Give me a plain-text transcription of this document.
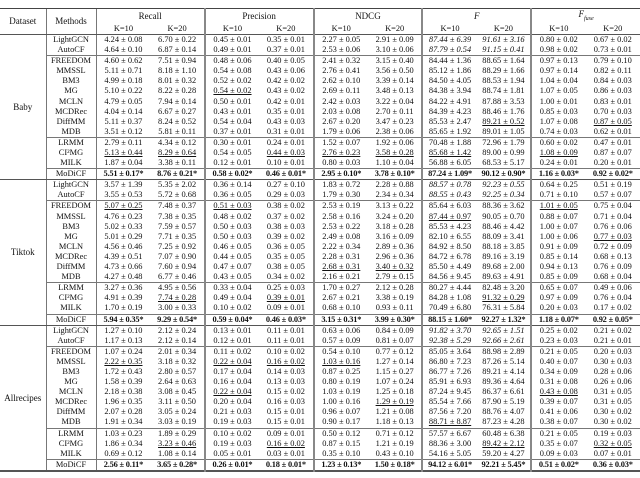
Dataset	Methods	Recall		Precision		NDCG		F		$F_{fuse}$
		K=10	K=20	K=10	K=20	K=10	K=20	K=10	K=20	K=10	K=20
Baby	LightGCN	4.24 ± 0.08	6.70 ± 0.22	0.45 ± 0.01	0.35 ± 0.01	2.27 ± 0.05	2.91 ± 0.09	87.44 ± 6.39	91.61 ± 3.16	0.80 ± 0.02	0.67 ± 0.02
	AutoCF	4.64 ± 0.10	6.87 ± 0.14	0.49 ± 0.01	0.37 ± 0.01	2.53 ± 0.06	3.10 ± 0.06	87.79 ± 0.54	91.15 ± 0.41	0.98 ± 0.02	0.73 ± 0.01
	FREEDOM	4.60 ± 0.62	7.51 ± 0.94	0.48 ± 0.06	0.40 ± 0.05	2.41 ± 0.32	3.15 ± 0.40	84.44 ± 1.36	88.65 ± 1.64	0.97 ± 0.13	0.79 ± 0.10
	MMSSL	5.11 ± 0.71	8.18 ± 1.10	0.54 ± 0.08	0.43 ± 0.06	2.76 ± 0.41	3.56 ± 0.50	85.12 ± 1.86	88.29 ± 1.66	0.97 ± 0.14	0.82 ± 0.11
	BM3	4.99 ± 0.18	8.01 ± 0.32	0.52 ± 0.02	0.42 ± 0.02	2.62 ± 0.10	3.39 ± 0.14	84.50 ± 4.05	88.53 ± 1.94	1.04 ± 0.04	0.84 ± 0.03
	MG	5.10 ± 0.22	8.22 ± 0.28	0.54 ± 0.02	0.43 ± 0.02	2.69 ± 0.11	3.48 ± 0.13	84.38 ± 3.94	88.74 ± 1.81	1.07 ± 0.05	0.86 ± 0.03
	MCLN	4.79 ± 0.05	7.94 ± 0.14	0.50 ± 0.01	0.42 ± 0.01	2.42 ± 0.03	3.22 ± 0.04	84.22 ± 4.91	87.88 ± 3.53	1.00 ± 0.01	0.83 ± 0.01
	MCDRec	4.04 ± 0.14	6.67 ± 0.27	0.43 ± 0.01	0.35 ± 0.01	2.03 ± 0.08	2.70 ± 0.11	84.39 ± 4.23	88.46 ± 1.76	0.85 ± 0.03	0.70 ± 0.03
	DiffMM	5.11 ± 0.37	8.24 ± 0.52	0.54 ± 0.04	0.43 ± 0.03	2.67 ± 0.20	3.47 ± 0.23	85.53 ± 2.47	89.21 ± 0.52	1.07 ± 0.08	0.87 ± 0.05
	MDB	3.51 ± 0.12	5.81 ± 0.11	0.37 ± 0.01	0.31 ± 0.01	1.79 ± 0.06	2.38 ± 0.06	85.65 ± 1.92	89.01 ± 1.05	0.74 ± 0.03	0.62 ± 0.01
	LRMM	2.79 ± 0.11	4.34 ± 0.12	0.30 ± 0.01	0.24 ± 0.01	1.52 ± 0.07	1.92 ± 0.06	70.48 ± 1.88	72.96 ± 1.79	0.60 ± 0.02	0.47 ± 0.01
	CI²MG	5.13 ± 0.44	8.29 ± 0.64	0.54 ± 0.05	0.44 ± 0.03	2.76 ± 0.23	3.58 ± 0.28	85.68 ± 1.42	89.00 ± 0.99	1.08 ± 0.09	0.87 ± 0.07
	MILK	1.87 ± 0.04	3.38 ± 0.11	0.12 ± 0.01	0.10 ± 0.01	0.80 ± 0.03	1.10 ± 0.04	56.88 ± 6.05	68.53 ± 5.17	0.24 ± 0.01	0.20 ± 0.01
	MoDiCF	5.51 ± 0.17*	8.76 ± 0.21*	0.58 ± 0.02*	0.46 ± 0.01*	2.95 ± 0.10*	3.78 ± 0.10*	87.24 ± 1.09*	90.12 ± 0.90*	1.16 ± 0.03*	0.92 ± 0.02*
Tiktok	LightGCN	3.57 ± 1.39	5.35 ± 2.02	0.36 ± 0.14	0.27 ± 0.10	1.83 ± 0.72	2.28 ± 0.88	88.57 ± 0.78	92.23 ± 0.55	0.64 ± 0.25	0.51 ± 0.19
	AutoCF	3.55 ± 0.53	5.72 ± 0.68	0.36 ± 0.05	0.29 ± 0.03	1.79 ± 0.30	2.34 ± 0.34	88.55 ± 0.43	92.25 ± 0.34	0.71 ± 0.10	0.57 ± 0.07
	FREEDOM	5.07 ± 0.25	7.48 ± 0.37	0.51 ± 0.03	0.38 ± 0.02	2.53 ± 0.19	3.13 ± 0.22	85.64 ± 6.03	88.36 ± 3.62	1.01 ± 0.05	0.75 ± 0.04
	MMSSL	4.76 ± 0.23	7.38 ± 0.35	0.48 ± 0.02	0.37 ± 0.02	2.58 ± 0.16	3.24 ± 0.20	87.44 ± 0.97	90.05 ± 0.70	0.88 ± 0.07	0.71 ± 0.04
	BM3	5.02 ± 0.33	7.59 ± 0.57	0.50 ± 0.03	0.38 ± 0.03	2.53 ± 0.22	3.18 ± 0.28	85.53 ± 4.23	88.46 ± 4.42	1.00 ± 0.07	0.76 ± 0.06
	MG	5.01 ± 0.29	7.71 ± 0.35	0.50 ± 0.03	0.39 ± 0.02	2.49 ± 0.08	3.16 ± 0.09	82.10 ± 6.55	88.09 ± 3.41	1.00 ± 0.06	0.77 ± 0.03
	MCLN	4.56 ± 0.46	7.25 ± 0.92	0.46 ± 0.05	0.36 ± 0.05	2.22 ± 0.34	2.89 ± 0.36	84.92 ± 8.50	88.18 ± 3.85	0.91 ± 0.09	0.72 ± 0.09
	MCDRec	4.39 ± 0.51	7.07 ± 0.90	0.44 ± 0.05	0.35 ± 0.05	2.28 ± 0.31	2.96 ± 0.36	84.72 ± 6.78	89.16 ± 3.19	0.85 ± 0.14	0.68 ± 0.13
	DiffMM	4.73 ± 0.66	7.60 ± 0.94	0.47 ± 0.07	0.38 ± 0.05	2.68 ± 0.31	3.40 ± 0.32	85.50 ± 4.49	89.68 ± 2.00	0.94 ± 0.13	0.76 ± 0.09
	MDB	4.27 ± 0.48	6.77 ± 0.46	0.43 ± 0.05	0.34 ± 0.02	2.16 ± 0.21	2.79 ± 0.15	84.56 ± 9.45	89.63 ± 4.91	0.85 ± 0.09	0.68 ± 0.04
	LRMM	3.27 ± 0.36	4.95 ± 0.56	0.33 ± 0.04	0.25 ± 0.03	1.70 ± 0.27	2.12 ± 0.28	80.27 ± 4.44	82.48 ± 3.20	0.65 ± 0.07	0.49 ± 0.06
	CI²MG	4.91 ± 0.39	7.74 ± 0.28	0.49 ± 0.04	0.39 ± 0.01	2.67 ± 0.21	3.38 ± 0.19	84.28 ± 1.08	91.32 ± 0.29	0.97 ± 0.09	0.76 ± 0.04
	MILK	1.70 ± 0.19	3.00 ± 0.33	0.10 ± 0.02	0.09 ± 0.01	0.68 ± 0.10	0.93 ± 0.11	70.49 ± 6.80	76.31 ± 5.84	0.20 ± 0.03	0.17 ± 0.02
	MoDiCF	5.94 ± 0.35*	9.29 ± 0.54*	0.59 ± 0.04*	0.46 ± 0.03*	3.15 ± 0.31*	3.99 ± 0.30*	88.15 ± 1.60*	92.27 ± 1.32*	1.18 ± 0.07*	0.92 ± 0.05*
Allrecipes	LightGCN	1.27 ± 0.10	2.12 ± 0.24	0.13 ± 0.01	0.11 ± 0.01	0.63 ± 0.06	0.84 ± 0.09	91.82 ± 3.70	92.65 ± 1.51	0.25 ± 0.02	0.21 ± 0.02
	AutoCF	1.17 ± 0.13	2.12 ± 0.14	0.12 ± 0.01	0.11 ± 0.01	0.57 ± 0.09	0.81 ± 0.07	92.38 ± 5.29	92.66 ± 2.61	0.23 ± 0.03	0.21 ± 0.01
	FREEDOM	1.07 ± 0.24	2.01 ± 0.34	0.11 ± 0.02	0.10 ± 0.02	0.54 ± 0.10	0.77 ± 0.12	85.05 ± 3.64	88.98 ± 2.89	0.21 ± 0.05	0.20 ± 0.03
	MMSSL	2.22 ± 0.35	3.18 ± 0.32	0.22 ± 0.04	0.16 ± 0.02	1.03 ± 0.16	1.27 ± 0.14	86.80 ± 7.23	87.26 ± 5.14	0.40 ± 0.07	0.30 ± 0.03
	BM3	1.72 ± 0.43	2.80 ± 0.57	0.17 ± 0.04	0.14 ± 0.03	0.87 ± 0.25	1.15 ± 0.27	86.77 ± 7.26	89.21 ± 4.14	0.34 ± 0.09	0.28 ± 0.06
	MG	1.58 ± 0.39	2.64 ± 0.63	0.16 ± 0.04	0.13 ± 0.03	0.80 ± 0.19	1.07 ± 0.24	85.91 ± 6.93	89.36 ± 4.64	0.31 ± 0.08	0.26 ± 0.06
	MCLN	2.18 ± 0.38	3.08 ± 0.45	0.22 ± 0.04	0.15 ± 0.02	1.03 ± 0.19	1.25 ± 0.18	87.24 ± 9.45	86.37 ± 6.61	0.43 ± 0.08	0.31 ± 0.05
	MCDRec	1.96 ± 0.35	3.11 ± 0.50	0.20 ± 0.04	0.16 ± 0.03	1.00 ± 0.16	1.29 ± 0.19	85.54 ± 7.66	87.90 ± 5.19	0.39 ± 0.07	0.31 ± 0.05
	DiffMM	2.07 ± 0.28	3.05 ± 0.24	0.21 ± 0.03	0.15 ± 0.01	0.96 ± 0.07	1.21 ± 0.08	87.56 ± 7.20	88.76 ± 4.07	0.41 ± 0.06	0.30 ± 0.02
	MDB	1.91 ± 0.34	3.03 ± 0.19	0.19 ± 0.03	0.15 ± 0.01	0.90 ± 0.17	1.18 ± 0.13	88.71 ± 8.87	87.23 ± 4.28	0.38 ± 0.07	0.30 ± 0.02
	LRMM	1.03 ± 0.23	1.89 ± 0.29	0.10 ± 0.02	0.09 ± 0.01	0.50 ± 0.12	0.71 ± 0.12	57.57 ± 6.67	60.48 ± 6.38	0.21 ± 0.05	0.19 ± 0.03
	CI²MG	1.86 ± 0.34	3.23 ± 0.46	0.19 ± 0.03	0.16 ± 0.02	0.87 ± 0.15	1.21 ± 0.19	88.36 ± 3.00	89.42 ± 2.12	0.35 ± 0.07	0.32 ± 0.05
	MILK	0.69 ± 0.12	1.08 ± 0.14	0.05 ± 0.01	0.03 ± 0.01	0.35 ± 0.10	0.43 ± 0.10	54.16 ± 5.05	59.20 ± 4.27	0.09 ± 0.03	0.07 ± 0.01
	MoDiCF	2.56 ± 0.11*	3.65 ± 0.28*	0.26 ± 0.01*	0.18 ± 0.01*	1.23 ± 0.13*	1.50 ± 0.18*	94.12 ± 6.01*	92.21 ± 5.45*	0.51 ± 0.02*	0.36 ± 0.03*
